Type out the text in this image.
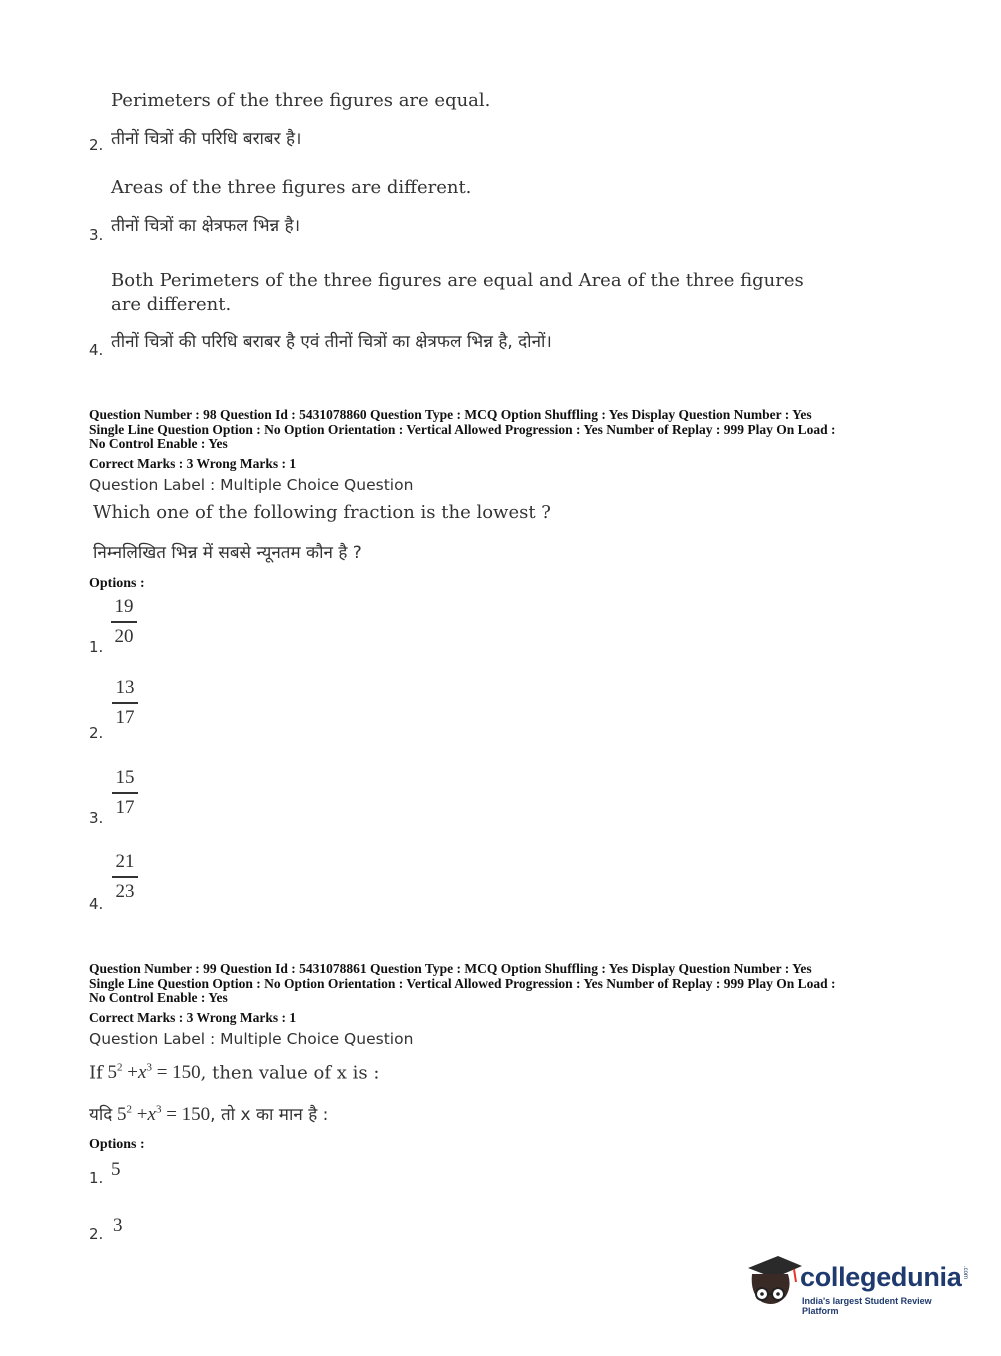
Perimeters of the three figures are equal.
2. तीनों चित्रों की परिधि बराबर है।
Areas of the three figures are different.
3. तीनों चित्रों का क्षेत्रफल भिन्न है।
Both Perimeters of the three figures are equal and Area of the three figures
are different.
4. तीनों चित्रों की परिधि बराबर है एवं तीनों चित्रों का क्षेत्रफल भिन्न है, दोनों।
Question Number : 98 Question Id : 5431078860 Question Type : MCQ Option Shuffling : Yes Display Question Number : Yes
Single Line Question Option : No Option Orientation : Vertical Allowed Progression : Yes Number of Replay : 999 Play On Load :
No Control Enable : Yes
Correct Marks : 3 Wrong Marks : 1
Question Label : Multiple Choice Question
Which one of the following fraction is the lowest ?
निम्नलिखित भिन्न में सबसे न्यूनतम कौन है ?
Options :
1.
19
20
2.
13
17
3.
15
17
4.
21
23
Question Number : 99 Question Id : 5431078861 Question Type : MCQ Option Shuffling : Yes Display Question Number : Yes
Single Line Question Option : No Option Orientation : Vertical Allowed Progression : Yes Number of Replay : 999 Play On Load :
No Control Enable : Yes
Correct Marks : 3 Wrong Marks : 1
Question Label : Multiple Choice Question
If $5^2 +x^3 = 150$, then value of x is :
यदि $5^2 +x^3 = 150$, तो x का मान है :
Options :
1. 5
2. 3
collegedunia .com
India's largest Student Review Platform
